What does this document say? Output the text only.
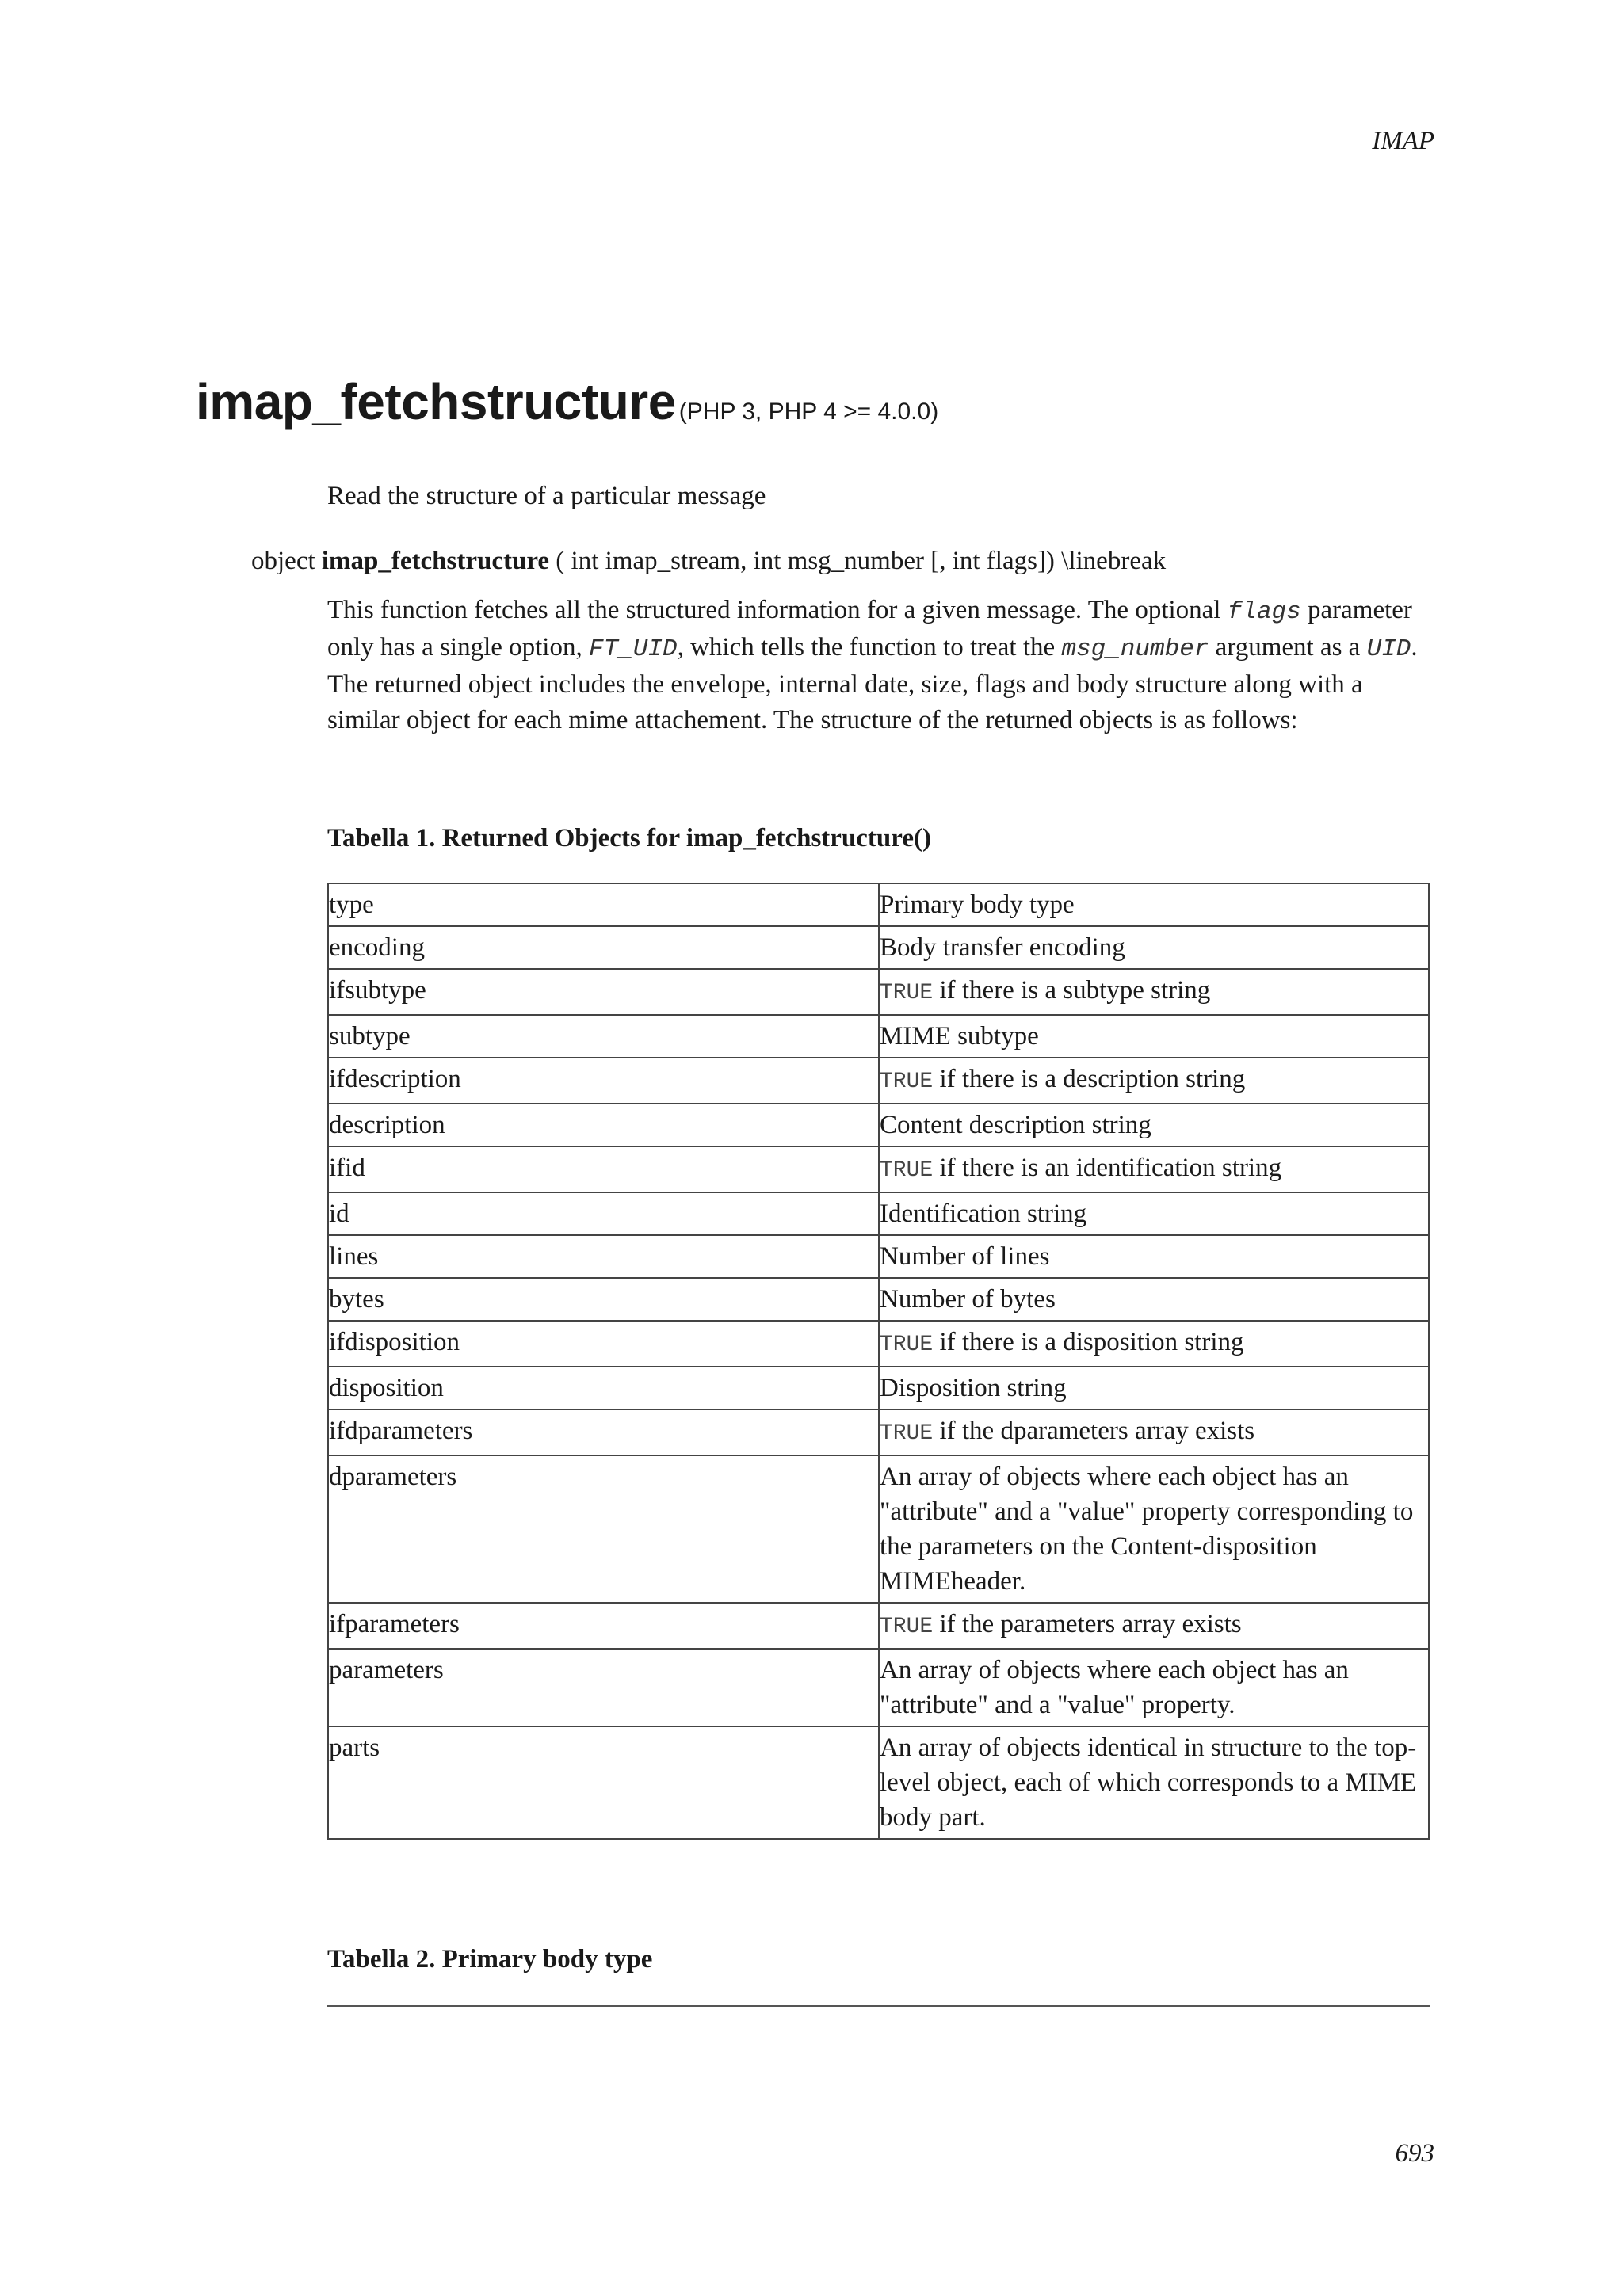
IMAP
imap_fetchstructure (PHP 3, PHP 4 >= 4.0.0)
Read the structure of a particular message
object imap_fetchstructure ( int imap_stream, int msg_number [, int flags]) \linebreak
This function fetches all the structured information for a given message. The optional flags parameter only has a single option, FT_UID, which tells the function to treat the msg_number argument as a UID. The returned object includes the envelope, internal date, size, flags and body structure along with a similar object for each mime attachement. The structure of the returned objects is as follows:
Tabella 1. Returned Objects for imap_fetchstructure()
type	Primary body type
encoding	Body transfer encoding
ifsubtype	TRUE if there is a subtype string
subtype	MIME subtype
ifdescription	TRUE if there is a description string
description	Content description string
ifid	TRUE if there is an identification string
id	Identification string
lines	Number of lines
bytes	Number of bytes
ifdisposition	TRUE if there is a disposition string
disposition	Disposition string
ifdparameters	TRUE if the dparameters array exists
dparameters	An array of objects where each object has an "attribute" and a "value" property corresponding to the parameters on the Content-disposition MIMEheader.
ifparameters	TRUE if the parameters array exists
parameters	An array of objects where each object has an "attribute" and a "value" property.
parts	An array of objects identical in structure to the top-level object, each of which corresponds to a MIME body part.
Tabella 2. Primary body type
693
